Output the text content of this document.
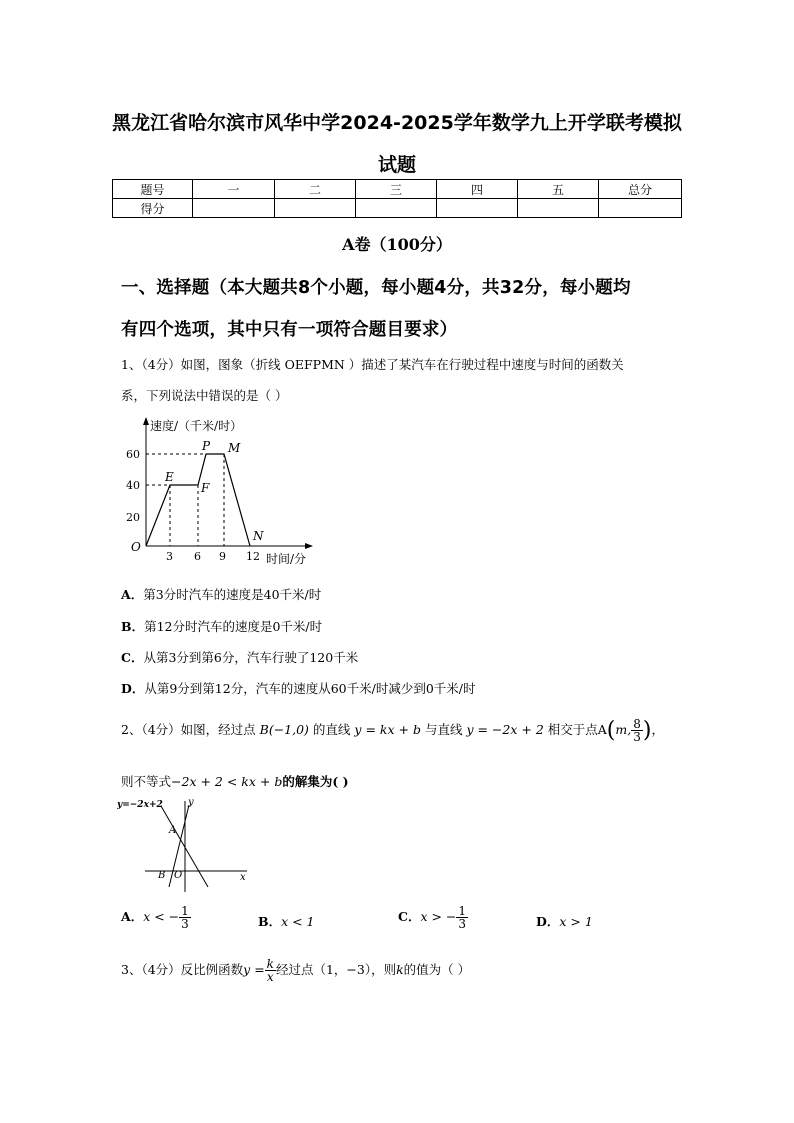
黑龙江省哈尔滨市风华中学2024-2025学年数学九上开学联考模拟
试题
题号	一	二	三	四	五	总分
得分						
A卷（100分）
一、选择题（本大题共8个小题，每小题4分，共32分，每小题均
有四个选项，其中只有一项符合题目要求）
1、（4分）如图，图象（折线 OEFPMN ）描述了某汽车在行驶过程中速度与时间的函数关
系，下列说法中错误的是（ ）
速度/（千米/时）
60
40
20
O
3 6 9 12 时间/分
E
F
P M
N
A．第3分时汽车的速度是40千米/时
B．第12分时汽车的速度是0千米/时
C．从第3分到第6分，汽车行驶了120千米
D．从第9分到第12分，汽车的速度从60千米/时减少到0千米/时
2、（4分）如图，经过点 B(−1,0) 的直线 y = kx + b 与直线 y = −2x + 2 相交于点A(m, $\frac{8}{3}$ )，
则不等式−2x + 2 < kx + b的解集为( )
y=−2x+2	y
x
A
B O
A．x < − $\frac{1}{3}$	B．x < 1	C．x > − $\frac{1}{3}$	D．x > 1
3、（4分）反比例函数$y = \frac{k}{x}$ 经过点（1，−3），则k的值为（ ）
